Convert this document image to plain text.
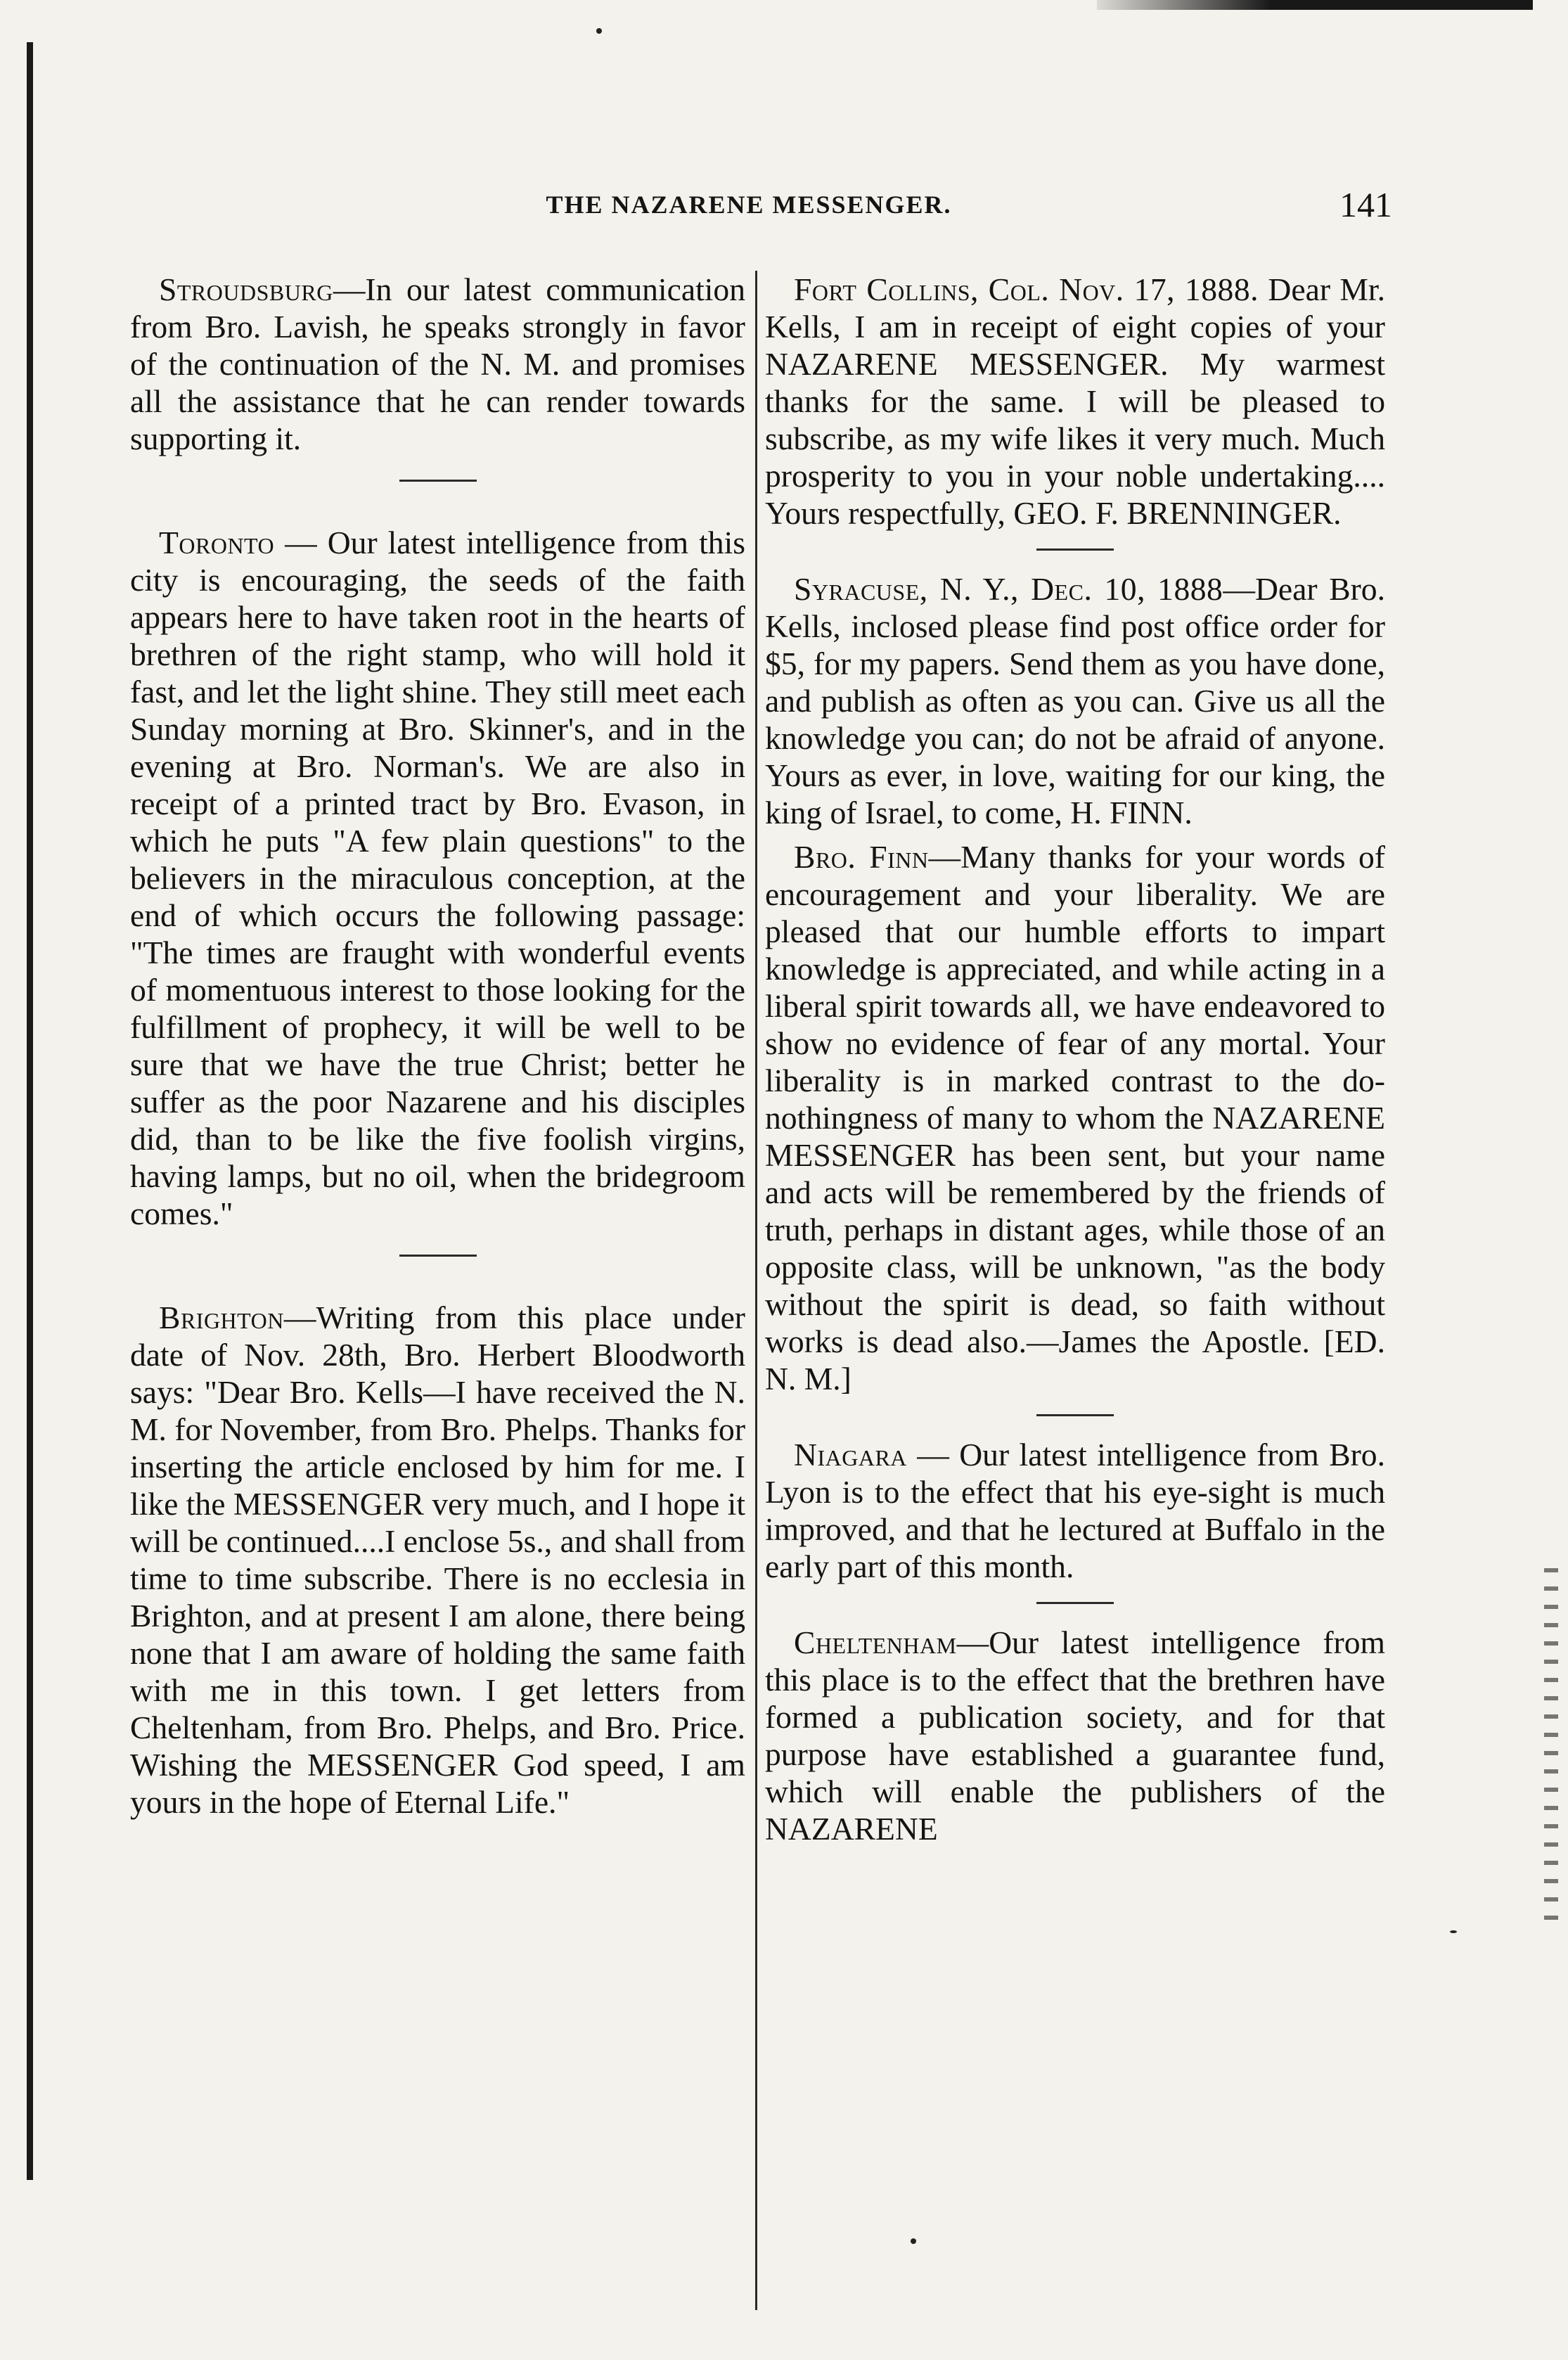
THE NAZARENE MESSENGER.	141

Stroudsburg—In our latest communication from Bro. Lavish, he speaks strongly in favor of the continuation of the N. M. and promises all the assistance that he can render towards supporting it.

Toronto — Our latest intelligence from this city is encouraging, the seeds of the faith appears here to have taken root in the hearts of brethren of the right stamp, who will hold it fast, and let the light shine. They still meet each Sunday morning at Bro. Skinner's, and in the evening at Bro. Norman's. We are also in receipt of a printed tract by Bro. Evason, in which he puts "A few plain questions" to the believers in the miraculous conception, at the end of which occurs the following passage: "The times are fraught with wonderful events of momentuous interest to those looking for the fulfillment of prophecy, it will be well to be sure that we have the true Christ; better he suffer as the poor Nazarene and his disciples did, than to be like the five foolish virgins, having lamps, but no oil, when the bridegroom comes."

Brighton—Writing from this place under date of Nov. 28th, Bro. Herbert Bloodworth says: "Dear Bro. Kells—I have received the N. M. for November, from Bro. Phelps. Thanks for inserting the article enclosed by him for me. I like the MESSENGER very much, and I hope it will be continued....I enclose 5s., and shall from time to time subscribe. There is no ecclesia in Brighton, and at present I am alone, there being none that I am aware of holding the same faith with me in this town. I get letters from Cheltenham, from Bro. Phelps, and Bro. Price. Wishing the MESSENGER God speed, I am yours in the hope of Eternal Life."

Fort Collins, Col. Nov. 17, 1888. Dear Mr. Kells, I am in receipt of eight copies of your NAZARENE MESSENGER. My warmest thanks for the same. I will be pleased to subscribe, as my wife likes it very much. Much prosperity to you in your noble undertaking.... Yours respectfully, GEO. F. BRENNINGER.

Syracuse, N. Y., Dec. 10, 1888—Dear Bro. Kells, inclosed please find post office order for $5, for my papers. Send them as you have done, and publish as often as you can. Give us all the knowledge you can; do not be afraid of anyone. Yours as ever, in love, waiting for our king, the king of Israel, to come, H. FINN.

Bro. Finn—Many thanks for your words of encouragement and your liberality. We are pleased that our humble efforts to impart knowledge is appreciated, and while acting in a liberal spirit towards all, we have endeavored to show no evidence of fear of any mortal. Your liberality is in marked contrast to the do-nothingness of many to whom the NAZARENE MESSENGER has been sent, but your name and acts will be remembered by the friends of truth, perhaps in distant ages, while those of an opposite class, will be unknown, "as the body without the spirit is dead, so faith without works is dead also.—James the Apostle. [ED. N. M.]

Niagara — Our latest intelligence from Bro. Lyon is to the effect that his eye-sight is much improved, and that he lectured at Buffalo in the early part of this month.

Cheltenham—Our latest intelligence from this place is to the effect that the brethren have formed a publication society, and for that purpose have established a guarantee fund, which will enable the publishers of the NAZARENE
